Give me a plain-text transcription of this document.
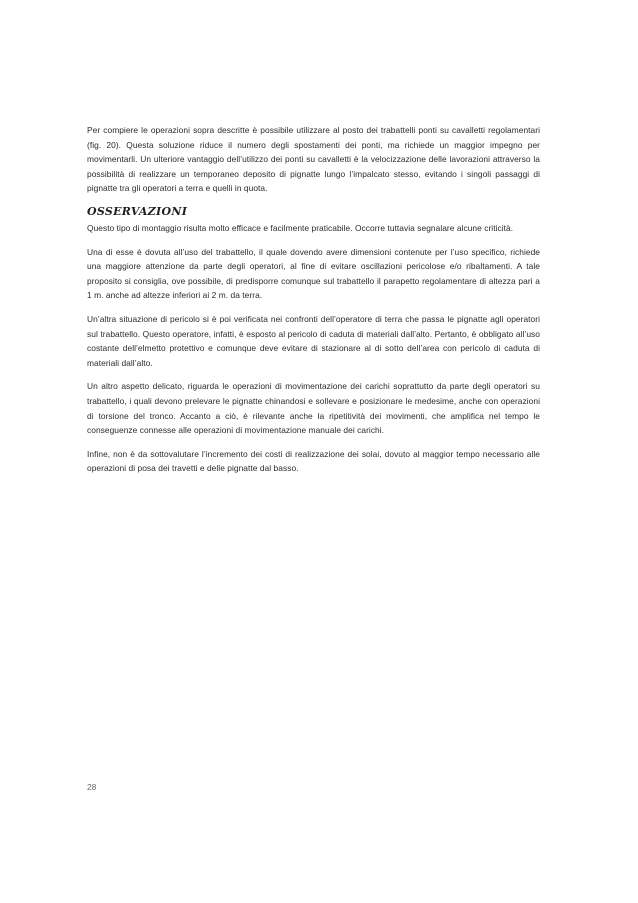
Per compiere le operazioni sopra descritte è possibile utilizzare al posto dei trabattelli ponti su cavalletti regolamentari (fig. 20). Questa soluzione riduce il numero degli spostamenti dei ponti, ma richiede un maggior impegno per movimentarli. Un ulteriore vantaggio dell’utilizzo dei ponti su cavalletti è la velocizzazione delle lavorazioni attraverso la possibilità di realizzare un temporaneo deposito di pignatte lungo l’impalcato stesso, evitando i singoli passaggi di pignatte tra gli operatori a terra e quelli in quota.

OSSERVAZIONI

Questo tipo di montaggio risulta molto efficace e facilmente praticabile. Occorre tuttavia segnalare alcune criticità.

Una di esse è dovuta all’uso del trabattello, il quale dovendo avere dimensioni contenute per l’uso specifico, richiede una maggiore attenzione da parte degli operatori, al fine di evitare oscillazioni pericolose e/o ribaltamenti. A tale proposito si consiglia, ove possibile, di predisporre comunque sul trabattello il parapetto regolamentare di altezza pari a 1 m. anche ad altezze inferiori ai 2 m. da terra.

Un’altra situazione di pericolo si è poi verificata nei confronti dell’operatore di terra che passa le pignatte agli operatori sul trabattello. Questo operatore, infatti, è esposto al pericolo di caduta di materiali dall’alto. Pertanto, è obbligato all’uso costante dell’elmetto protettivo e comunque deve evitare di stazionare al di sotto dell’area con pericolo di caduta di materiali dall’alto.

Un altro aspetto delicato, riguarda le operazioni di movimentazione dei carichi soprattutto da parte degli operatori su trabattello, i quali devono prelevare le pignatte chinandosi e sollevare e posizionare le medesime, anche con operazioni di torsione del tronco. Accanto a ciò, è rilevante anche la ripetitività dei movimenti, che amplifica nel tempo le conseguenze connesse alle operazioni di movimentazione manuale dei carichi.

Infine, non è da sottovalutare l’incremento dei costi di realizzazione dei solai, dovuto al maggior tempo necessario alle operazioni di posa dei travetti e delle pignatte dal basso.

28
